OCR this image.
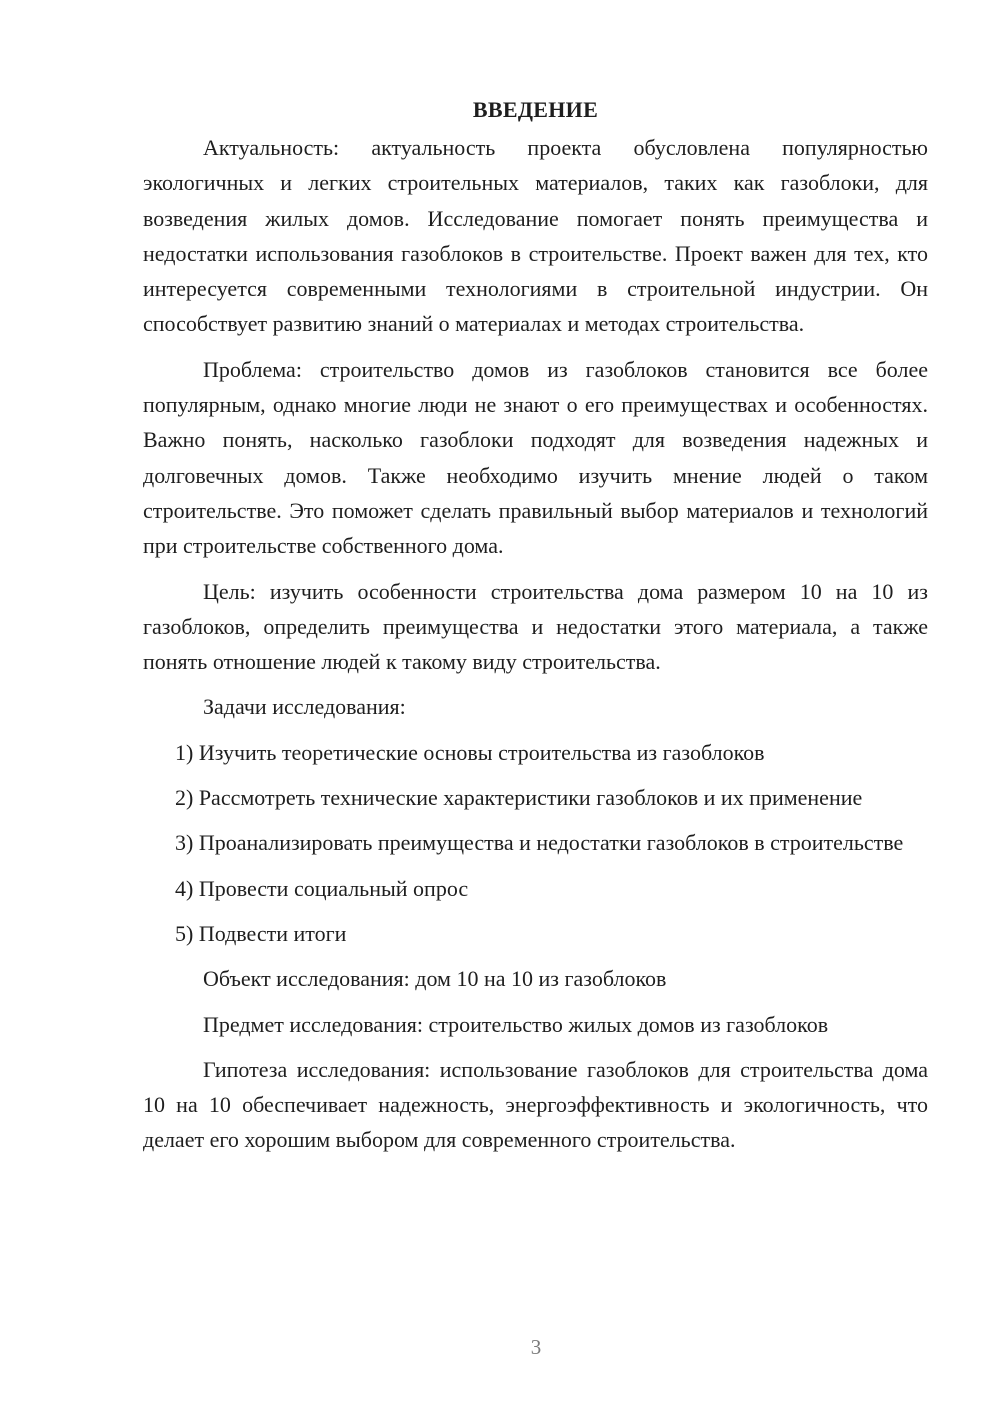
ВВЕДЕНИЕ

Актуальность: актуальность проекта обусловлена популярностью экологичных и легких строительных материалов, таких как газоблоки, для возведения жилых домов. Исследование помогает понять преимущества и недостатки использования газоблоков в строительстве. Проект важен для тех, кто интересуется современными технологиями в строительной индустрии. Он способствует развитию знаний о материалах и методах строительства.

Проблема: строительство домов из газоблоков становится все более популярным, однако многие люди не знают о его преимуществах и особенностях. Важно понять, насколько газоблоки подходят для возведения надежных и долговечных домов. Также необходимо изучить мнение людей о таком строительстве. Это поможет сделать правильный выбор материалов и технологий при строительстве собственного дома.

Цель: изучить особенности строительства дома размером 10 на 10 из газоблоков, определить преимущества и недостатки этого материала, а также понять отношение людей к такому виду строительства.

Задачи исследования:

1) Изучить теоретические основы строительства из газоблоков

2) Рассмотреть технические характеристики газоблоков и их применение

3) Проанализировать преимущества и недостатки газоблоков в строительстве

4) Провести социальный опрос

5) Подвести итоги

Объект исследования: дом 10 на 10 из газоблоков

Предмет исследования: строительство жилых домов из газоблоков

Гипотеза исследования: использование газоблоков для строительства дома 10 на 10 обеспечивает надежность, энергоэффективность и экологичность, что делает его хорошим выбором для современного строительства.

3
